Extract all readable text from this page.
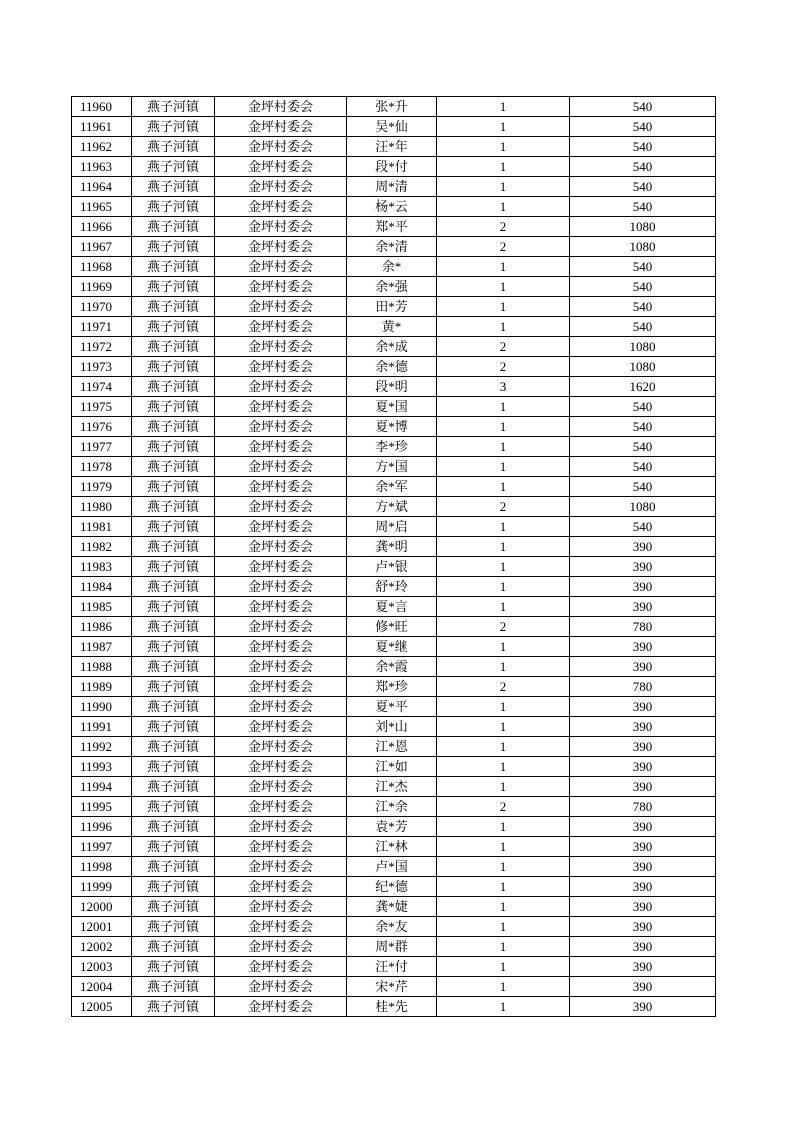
11960	燕子河镇	金坪村委会	张*升	1	540
11961	燕子河镇	金坪村委会	吴*仙	1	540
11962	燕子河镇	金坪村委会	汪*年	1	540
11963	燕子河镇	金坪村委会	段*付	1	540
11964	燕子河镇	金坪村委会	周*清	1	540
11965	燕子河镇	金坪村委会	杨*云	1	540
11966	燕子河镇	金坪村委会	郑*平	2	1080
11967	燕子河镇	金坪村委会	余*清	2	1080
11968	燕子河镇	金坪村委会	余*	1	540
11969	燕子河镇	金坪村委会	余*强	1	540
11970	燕子河镇	金坪村委会	田*芳	1	540
11971	燕子河镇	金坪村委会	黄*	1	540
11972	燕子河镇	金坪村委会	余*成	2	1080
11973	燕子河镇	金坪村委会	余*德	2	1080
11974	燕子河镇	金坪村委会	段*明	3	1620
11975	燕子河镇	金坪村委会	夏*国	1	540
11976	燕子河镇	金坪村委会	夏*博	1	540
11977	燕子河镇	金坪村委会	李*珍	1	540
11978	燕子河镇	金坪村委会	方*国	1	540
11979	燕子河镇	金坪村委会	余*军	1	540
11980	燕子河镇	金坪村委会	方*斌	2	1080
11981	燕子河镇	金坪村委会	周*启	1	540
11982	燕子河镇	金坪村委会	龚*明	1	390
11983	燕子河镇	金坪村委会	卢*银	1	390
11984	燕子河镇	金坪村委会	舒*玲	1	390
11985	燕子河镇	金坪村委会	夏*言	1	390
11986	燕子河镇	金坪村委会	修*旺	2	780
11987	燕子河镇	金坪村委会	夏*继	1	390
11988	燕子河镇	金坪村委会	余*霞	1	390
11989	燕子河镇	金坪村委会	郑*珍	2	780
11990	燕子河镇	金坪村委会	夏*平	1	390
11991	燕子河镇	金坪村委会	刘*山	1	390
11992	燕子河镇	金坪村委会	江*恩	1	390
11993	燕子河镇	金坪村委会	江*如	1	390
11994	燕子河镇	金坪村委会	江*杰	1	390
11995	燕子河镇	金坪村委会	江*余	2	780
11996	燕子河镇	金坪村委会	袁*芳	1	390
11997	燕子河镇	金坪村委会	江*林	1	390
11998	燕子河镇	金坪村委会	卢*国	1	390
11999	燕子河镇	金坪村委会	纪*德	1	390
12000	燕子河镇	金坪村委会	龚*婕	1	390
12001	燕子河镇	金坪村委会	余*友	1	390
12002	燕子河镇	金坪村委会	周*群	1	390
12003	燕子河镇	金坪村委会	汪*付	1	390
12004	燕子河镇	金坪村委会	宋*芹	1	390
12005	燕子河镇	金坪村委会	桂*先	1	390
